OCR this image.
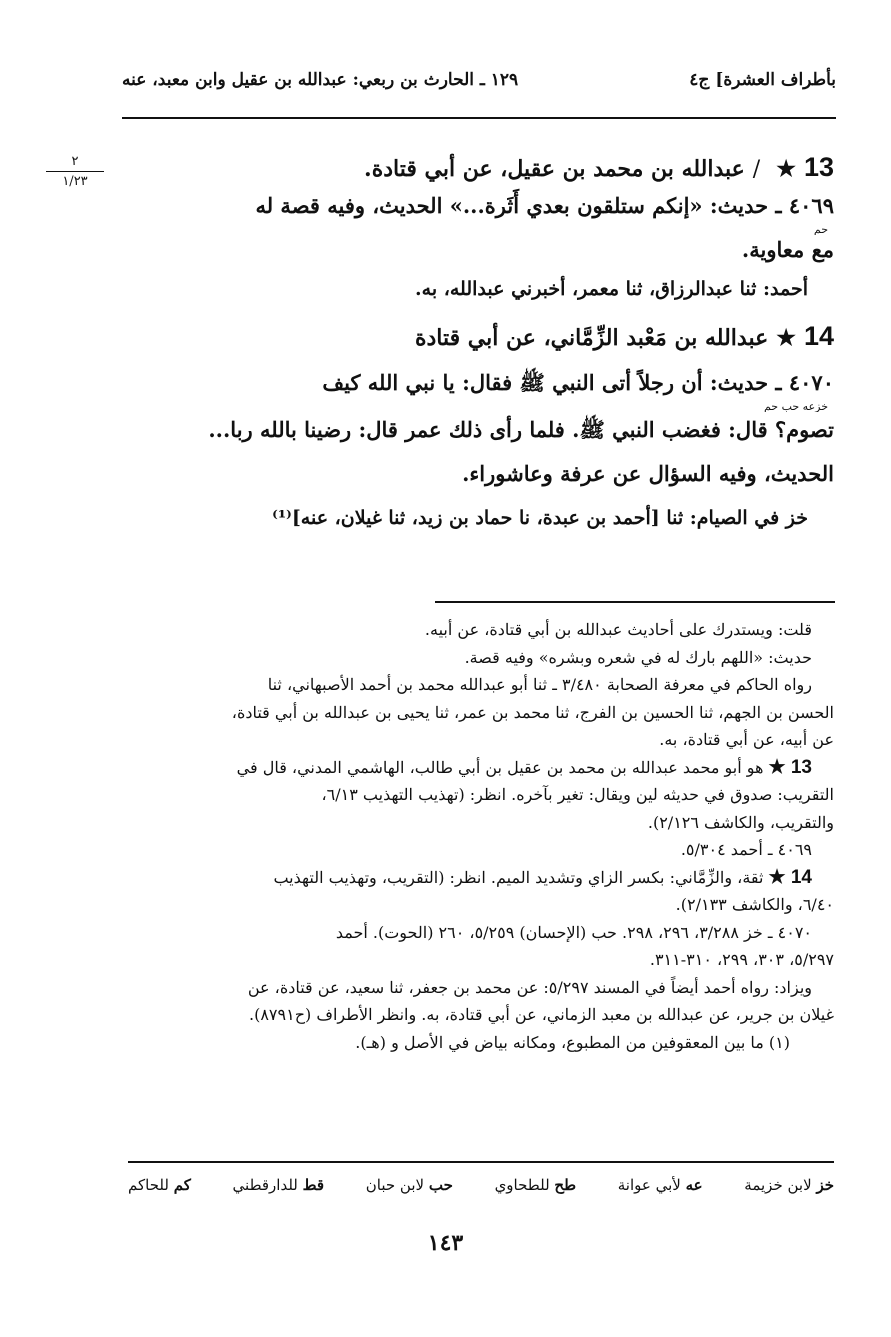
بأطراف العشرة] ج٤
١٢٩ ـ الحارث بن ربعي: عبدالله بن عقيل وابن معبد، عنه
٢
١/٢٣	13★/عبدالله بن محمد بن عقيل، عن أبي قتادة.

٤٠٦٩ ـ حديث: «إنكم ستلقون بعدي أَثَرة...» الحديث، وفيه قصة له

حم

مع معاوية.

أحمد: ثنا عبدالرزاق، ثنا معمر، أخبرني عبدالله، به.

14★عبدالله بن مَعْبد الزِّمَّاني، عن أبي قتادة

٤٠٧٠ ـ حديث: أن رجلاً أتى النبي ﷺ فقال: يا نبي الله كيف

خزعه حب حم

تصوم؟ قال: فغضب النبي ﷺ. فلما رأى ذلك عمر قال: رضينا بالله ربا...

الحديث، وفيه السؤال عن عرفة وعاشوراء.

خز في الصيام: ثنا [أحمد بن عبدة، نا حماد بن زيد، ثنا غيلان، عنه]⁽¹⁾

قلت: ويستدرك على أحاديث عبدالله بن أبي قتادة، عن أبيه.

حديث: «اللهم بارك له في شعره وبشره» وفيه قصة.

رواه الحاكم في معرفة الصحابة ٣/٤٨٠ ـ ثنا أبو عبدالله محمد بن أحمد الأصبهاني، ثنا

الحسن بن الجهم، ثنا الحسين بن الفرج، ثنا محمد بن عمر، ثنا يحيى بن عبدالله بن أبي قتادة،

عن أبيه، عن أبي قتادة، به.

13 ★ هو أبو محمد عبدالله بن محمد بن عقيل بن أبي طالب، الهاشمي المدني، قال في

التقريب: صدوق في حديثه لين ويقال: تغير بآخره. انظر: (تهذيب التهذيب ٦/١٣،

والتقريب، والكاشف ٢/١٢٦).

٤٠٦٩ ـ أحمد ٥/٣٠٤.

14 ★ ثقة، والزِّمَّاني: بكسر الزاي وتشديد الميم. انظر: (التقريب، وتهذيب التهذيب

٦/٤٠، والكاشف ٢/١٣٣).

٤٠٧٠ ـ خز ٣/٢٨٨، ٢٩٦، ٢٩٨. حب (الإحسان) ٥/٢٥٩، ٢٦٠ (الحوت). أحمد

٥/٢٩٧، ٣٠٣، ٢٩٩، ٣١٠-٣١١.

ويزاد: رواه أحمد أيضاً في المسند ٥/٢٩٧: عن محمد بن جعفر، ثنا سعيد، عن قتادة، عن

غيلان بن جرير، عن عبدالله بن معبد الزماني، عن أبي قتادة، به. وانظر الأطراف (ح٨٧٩١).

(١) ما بين المعقوفين من المطبوع، ومكانه بياض في الأصل و (هـ).

خز لابن خزيمة
عه لأبي عوانة
طح للطحاوي
حب لابن حبان
قط للدارقطني
كم للحاكم
١٤٣
